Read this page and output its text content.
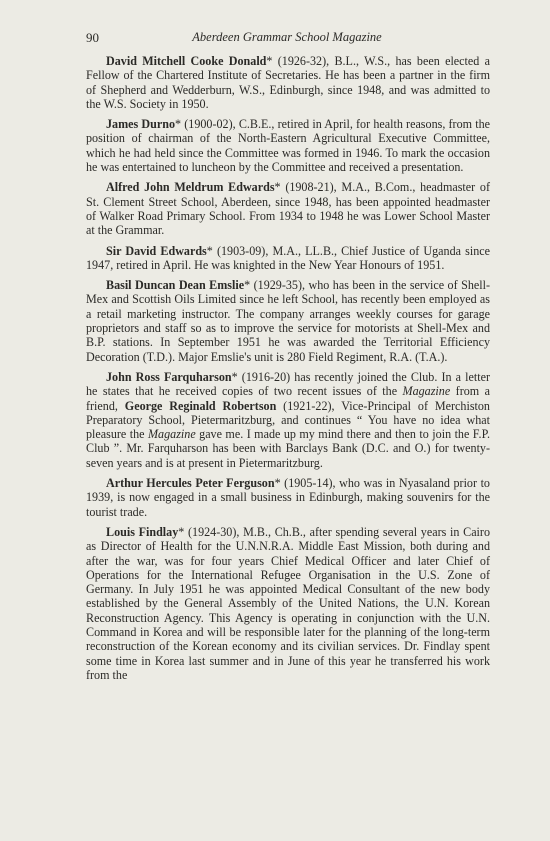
90	Aberdeen Grammar School Magazine

David Mitchell Cooke Donald* (1926-32), B.L., W.S., has been elected a Fellow of the Chartered Institute of Secretaries. He has been a partner in the firm of Shepherd and Wedderburn, W.S., Edinburgh, since 1948, and was admitted to the W.S. Society in 1950.

James Durno* (1900-02), C.B.E., retired in April, for health reasons, from the position of chairman of the North-Eastern Agricultural Executive Committee, which he had held since the Committee was formed in 1946. To mark the occasion he was entertained to luncheon by the Committee and received a presentation.

Alfred John Meldrum Edwards* (1908-21), M.A., B.Com., headmaster of St. Clement Street School, Aberdeen, since 1948, has been appointed headmaster of Walker Road Primary School. From 1934 to 1948 he was Lower School Master at the Grammar.

Sir David Edwards* (1903-09), M.A., LL.B., Chief Justice of Uganda since 1947, retired in April. He was knighted in the New Year Honours of 1951.

Basil Duncan Dean Emslie* (1929-35), who has been in the service of Shell-Mex and Scottish Oils Limited since he left School, has recently been employed as a retail marketing instructor. The company arranges weekly courses for garage proprietors and staff so as to improve the service for motorists at Shell-Mex and B.P. stations. In September 1951 he was awarded the Territorial Efficiency Decoration (T.D.). Major Emslie's unit is 280 Field Regiment, R.A. (T.A.).

John Ross Farquharson* (1916-20) has recently joined the Club. In a letter he states that he received copies of two recent issues of the Magazine from a friend, George Reginald Robertson (1921-22), Vice-Principal of Merchiston Preparatory School, Pietermaritzburg, and continues “ You have no idea what pleasure the Magazine gave me. I made up my mind there and then to join the F.P. Club ”. Mr. Farquharson has been with Barclays Bank (D.C. and O.) for twenty-seven years and is at present in Pietermaritzburg.

Arthur Hercules Peter Ferguson* (1905-14), who was in Nyasaland prior to 1939, is now engaged in a small business in Edinburgh, making souvenirs for the tourist trade.

Louis Findlay* (1924-30), M.B., Ch.B., after spending several years in Cairo as Director of Health for the U.N.N.R.A. Middle East Mission, both during and after the war, was for four years Chief Medical Officer and later Chief of Operations for the International Refugee Organisation in the U.S. Zone of Germany. In July 1951 he was appointed Medical Consultant of the new body established by the General Assembly of the United Nations, the U.N. Korean Reconstruction Agency. This Agency is operating in conjunction with the U.N. Command in Korea and will be responsible later for the planning of the long-term reconstruction of the Korean economy and its civilian services. Dr. Findlay spent some time in Korea last summer and in June of this year he transferred his work from the
